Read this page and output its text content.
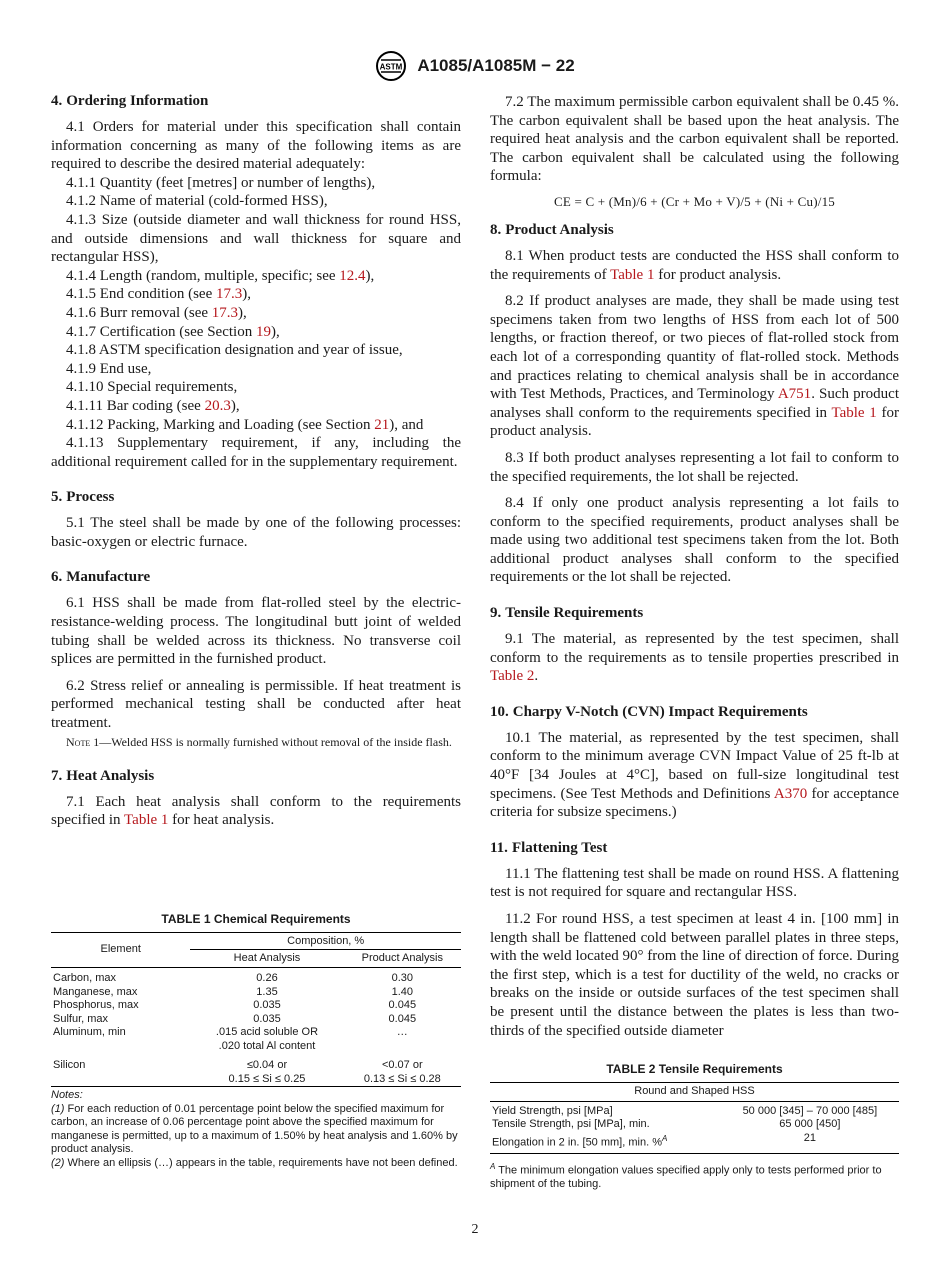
ASTM A1085/A1085M − 22
4. Ordering Information

4.1 Orders for material under this specification shall contain information concerning as many of the following items as are required to describe the desired material adequately:

4.1.1 Quantity (feet [metres] or number of lengths),
4.1.2 Name of material (cold-formed HSS),
4.1.3 Size (outside diameter and wall thickness for round HSS, and outside dimensions and wall thickness for square and rectangular HSS),
4.1.4 Length (random, multiple, specific; see 12.4),
4.1.5 End condition (see 17.3),
4.1.6 Burr removal (see 17.3),
4.1.7 Certification (see Section 19),
4.1.8 ASTM specification designation and year of issue,
4.1.9 End use,
4.1.10 Special requirements,
4.1.11 Bar coding (see 20.3),
4.1.12 Packing, Marking and Loading (see Section 21), and
4.1.13 Supplementary requirement, if any, including the additional requirement called for in the supplementary requirement.
5. Process

5.1 The steel shall be made by one of the following processes: basic-oxygen or electric furnace.

6. Manufacture

6.1 HSS shall be made from flat-rolled steel by the electric-resistance-welding process. The longitudinal butt joint of welded tubing shall be welded across its thickness. No transverse coil splices are permitted in the furnished product.

6.2 Stress relief or annealing is permissible. If heat treatment is performed mechanical testing shall be conducted after heat treatment.

Note 1—Welded HSS is normally furnished without removal of the inside flash.
7. Heat Analysis

7.1 Each heat analysis shall conform to the requirements specified in Table 1 for heat analysis.

TABLE 1 Chemical Requirements
Element	Composition, %	
	Heat Analysis	Product Analysis
Carbon, max	0.26	0.30
Manganese, max	1.35	1.40
Phosphorus, max	0.035	0.045
Sulfur, max	0.035	0.045
Aluminum, min	.015 acid soluble OR	…
	.020 total Al content	
Silicon	≤0.04 or	<0.07 or
	0.15 ≤ Si ≤ 0.25	0.13 ≤ Si ≤ 0.28
Notes:
(1) For each reduction of 0.01 percentage point below the specified maximum for carbon, an increase of 0.06 percentage point above the specified maximum for manganese is permitted, up to a maximum of 1.50% by heat analysis and 1.60% by product analysis.
(2) Where an ellipsis (…) appears in the table, requirements have not been defined.

7.2 The maximum permissible carbon equivalent shall be 0.45 %. The carbon equivalent shall be based upon the heat analysis. The required heat analysis and the carbon equivalent shall be reported. The carbon equivalent shall be calculated using the following formula:

CE = C + (Mn)/6 + (Cr + Mo + V)/5 + (Ni + Cu)/15
8. Product Analysis

8.1 When product tests are conducted the HSS shall conform to the requirements of Table 1 for product analysis.

8.2 If product analyses are made, they shall be made using test specimens taken from two lengths of HSS from each lot of 500 lengths, or fraction thereof, or two pieces of flat-rolled stock from each lot of a corresponding quantity of flat-rolled stock. Methods and practices relating to chemical analysis shall be in accordance with Test Methods, Practices, and Terminology A751. Such product analyses shall conform to the requirements specified in Table 1 for product analysis.

8.3 If both product analyses representing a lot fail to conform to the specified requirements, the lot shall be rejected.

8.4 If only one product analysis representing a lot fails to conform to the specified requirements, product analyses shall be made using two additional test specimens taken from the lot. Both additional product analyses shall conform to the specified requirements or the lot shall be rejected.

9. Tensile Requirements

9.1 The material, as represented by the test specimen, shall conform to the requirements as to tensile properties prescribed in Table 2.

10. Charpy V-Notch (CVN) Impact Requirements

10.1 The material, as represented by the test specimen, shall conform to the minimum average CVN Impact Value of 25 ft-lb at 40°F [34 Joules at 4°C], based on full-size longitudinal test specimens. (See Test Methods and Definitions A370 for acceptance criteria for subsize specimens.)

11. Flattening Test

11.1 The flattening test shall be made on round HSS. A flattening test is not required for square and rectangular HSS.

11.2 For round HSS, a test specimen at least 4 in. [100 mm] in length shall be flattened cold between parallel plates in three steps, with the weld located 90° from the line of direction of force. During the first step, which is a test for ductility of the weld, no cracks or breaks on the inside or outside surfaces of the test specimen shall be present until the distance between the plates is less than two-thirds of the specified outside diameter

TABLE 2 Tensile Requirements
Round and Shaped HSS	
Yield Strength, psi [MPa]	50 000 [345] – 70 000 [485]
Tensile Strength, psi [MPa], min.	65 000 [450]
Elongation in 2 in. [50 mm], min. %$^A$	21
$^A$ The minimum elongation values specified apply only to tests performed prior to shipment of the tubing.
2
